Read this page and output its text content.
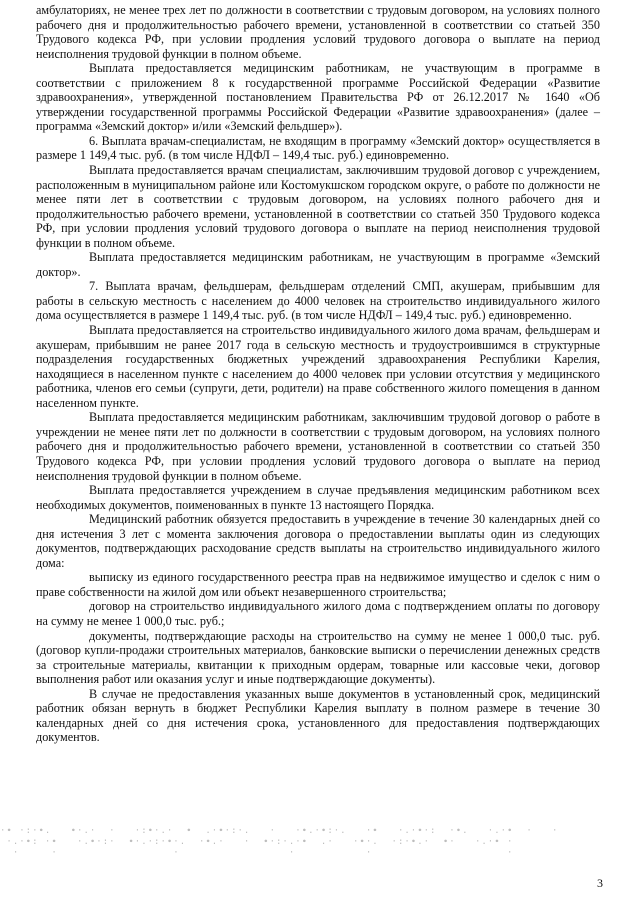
амбулаториях, не менее трех лет по должности в соответствии с трудовым договором, на условиях полного рабочего дня и продолжительностью рабочего времени, установленной в соответствии со статьей 350 Трудового кодекса РФ, при условии продления условий трудового договора о выплате на период неисполнения трудовой функции в полном объеме.

Выплата предоставляется медицинским работникам, не участвующим в программе в соответствии с приложением 8 к государственной программе Российской Федерации «Развитие здравоохранения», утвержденной постановлением Правительства РФ от 26.12.2017 № 1640 «Об утверждении государственной программы Российской Федерации «Развитие здравоохранения» (далее – программа «Земский доктор» и/или «Земский фельдшер»).

6. Выплата врачам-специалистам, не входящим в программу «Земский доктор» осуществляется в размере 1 149,4 тыс. руб. (в том числе НДФЛ – 149,4 тыс. руб.) единовременно.

Выплата предоставляется врачам специалистам, заключившим трудовой договор с учреждением, расположенным в муниципальном районе или Костомукшском городском округе, о работе по должности не менее пяти лет в соответствии с трудовым договором, на условиях полного рабочего дня и продолжительностью рабочего времени, установленной в соответствии со статьей 350 Трудового кодекса РФ, при условии продления условий трудового договора о выплате на период неисполнения трудовой функции в полном объеме.

Выплата предоставляется медицинским работникам, не участвующим в программе «Земский доктор».

7. Выплата врачам, фельдшерам, фельдшерам отделений СМП, акушерам, прибывшим для работы в сельскую местность с населением до 4000 человек на строительство индивидуального жилого дома осуществляется в размере 1 149,4 тыс. руб. (в том числе НДФЛ – 149,4 тыс. руб.) единовременно.

Выплата предоставляется на строительство индивидуального жилого дома врачам, фельдшерам и акушерам, прибывшим не ранее 2017 года в сельскую местность и трудоустроившимся в структурные подразделения государственных бюджетных учреждений здравоохранения Республики Карелия, находящиеся в населенном пункте с населением до 4000 человек при условии отсутствия у медицинского работника, членов его семьи (супруги, дети, родители) на праве собственного жилого помещения в данном населенном пункте.

Выплата предоставляется медицинским работникам, заключившим трудовой договор о работе в учреждении не менее пяти лет по должности в соответствии с трудовым договором, на условиях полного рабочего дня и продолжительностью рабочего времени, установленной в соответствии со статьей 350 Трудового кодекса РФ, при условии продления условий трудового договора о выплате на период неисполнения трудовой функции в полном объеме.

Выплата предоставляется учреждением в случае предъявления медицинским работником всех необходимых документов, поименованных в пункте 13 настоящего Порядка.

Медицинский работник обязуется предоставить в учреждение в течение 30 календарных дней со дня истечения 3 лет с момента заключения договора о предоставлении выплаты один из следующих документов, подтверждающих расходование средств выплаты на строительство индивидуального жилого дома:

выписку из единого государственного реестра прав на недвижимое имущество и сделок с ним о праве собственности на жилой дом или объект незавершенного строительства;

договор на строительство индивидуального жилого дома с подтверждением оплаты по договору на сумму не менее 1 000,0 тыс. руб.;

документы, подтверждающие расходы на строительство на сумму не менее 1 000,0 тыс. руб. (договор купли-продажи строительных материалов, банковские выписки о перечислении денежных средств за строительные материалы, квитанции к приходным ордерам, товарные или кассовые чеки, договор выполнения работ или оказания услуг и иные подтверждающие документы).

В случае не предоставления указанных выше документов в установленный срок, медицинский работник обязан вернуть в бюджет Республики Карелия выплату в полном размере в течение 30 календарных дней со дня истечения срока, установленного для предоставления подтверждающих документов.

·∙ ·:·∙.   ∙·.·  ·   ·:∙·.·  ∙  .·∙·:·.   ·   ·∙.·∙:·.   ·∙   ·.·∙·:  ·∙.   ·.·∙  ·   ·
·.·∙: ·∙   ·.∙·:·  ∙·.·:·∙·.  ·∙.·   ·  ∙·:·.·∙  .·   ·∙·.  ·:·∙.·  ∙·   ·.·∙ ·
·     ·                  ·                 ·           ·                     ·
3
